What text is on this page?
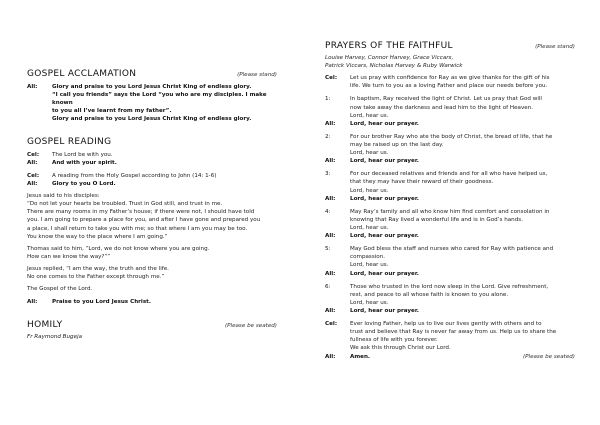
GOSPEL ACCLAMATION	(Please stand)
All:	Glory and praise to you Lord Jesus Christ King of endless glory.

“I call you friends” says the Lord “you who are my disciples. I make known

to you all I’ve learnt from my father”.

Glory and praise to you Lord Jesus Christ King of endless glory.

GOSPEL READING
Cel:	The Lord be with you.
All:	And with your spirit.
Cel:	A reading from the Holy Gospel according to John (14: 1-6)
All:	Glory to you O Lord.

Jesus said to his disciples:

“Do not let your hearts be troubled. Trust in God still, and trust in me.

There are many rooms in my Father’s house; if there were not, I should have told

you. I am going to prepare a place for you, and after I have gone and prepared you

a place, I shall return to take you with me; so that where I am you may be too.

You know the way to the place where I am going.”

Thomas said to him, “Lord, we do not know where you are going.

How can we know the way?””

Jesus replied, “I am the way, the truth and the life.

No one comes to the Father except through me.”

The Gospel of the Lord.

All:	Praise to you Lord Jesus Christ.
HOMILY	(Please be seated)

Fr Raymond Bugeja

PRAYERS OF THE FAITHFUL	(Please stand)

Louise Harvey, Connor Harvey, Grace Viccars,

Patrick Viccars, Nicholas Harvey & Ruby Warwick

Cel:	Let us pray with confidence for Ray as we give thanks for the gift of his

life. We turn to you as a loving Father and place our needs before you.

1:	In baptism, Ray received the light of Christ. Let us pray that God will

now take away the darkness and lead him to the light of Heaven.

Lord, hear us.

All:	Lord, hear our prayer.
2:	For our brother Ray who ate the body of Christ, the bread of life, that he

may be raised up on the last day.

Lord, hear us.

All:	Lord, hear our prayer.
3:	For our deceased relatives and friends and for all who have helped us,

that they may have their reward of their goodness.

Lord, hear us.

All:	Lord, hear our prayer.
4:	May Ray’s family and all who know him find comfort and consolation in

knowing that Ray lived a wonderful life and is in God’s hands.

Lord, hear us.

All:	Lord, hear our prayer.
5:	May God bless the staff and nurses who cared for Ray with patience and

compassion.

Lord, hear us.

All:	Lord, hear our prayer.
6:	Those who trusted in the lord now sleep in the Lord. Give refreshment,

rest, and peace to all whose faith is known to you alone.

Lord, hear us.

All:	Lord, hear our prayer.
Cel:	Ever loving Father, help us to live our lives gently with others and to

trust and believe that Ray is never far away from us. Help us to share the

fullness of life with you forever.

We ask this through Christ our Lord.

All:	Amen.	(Please be seated)
